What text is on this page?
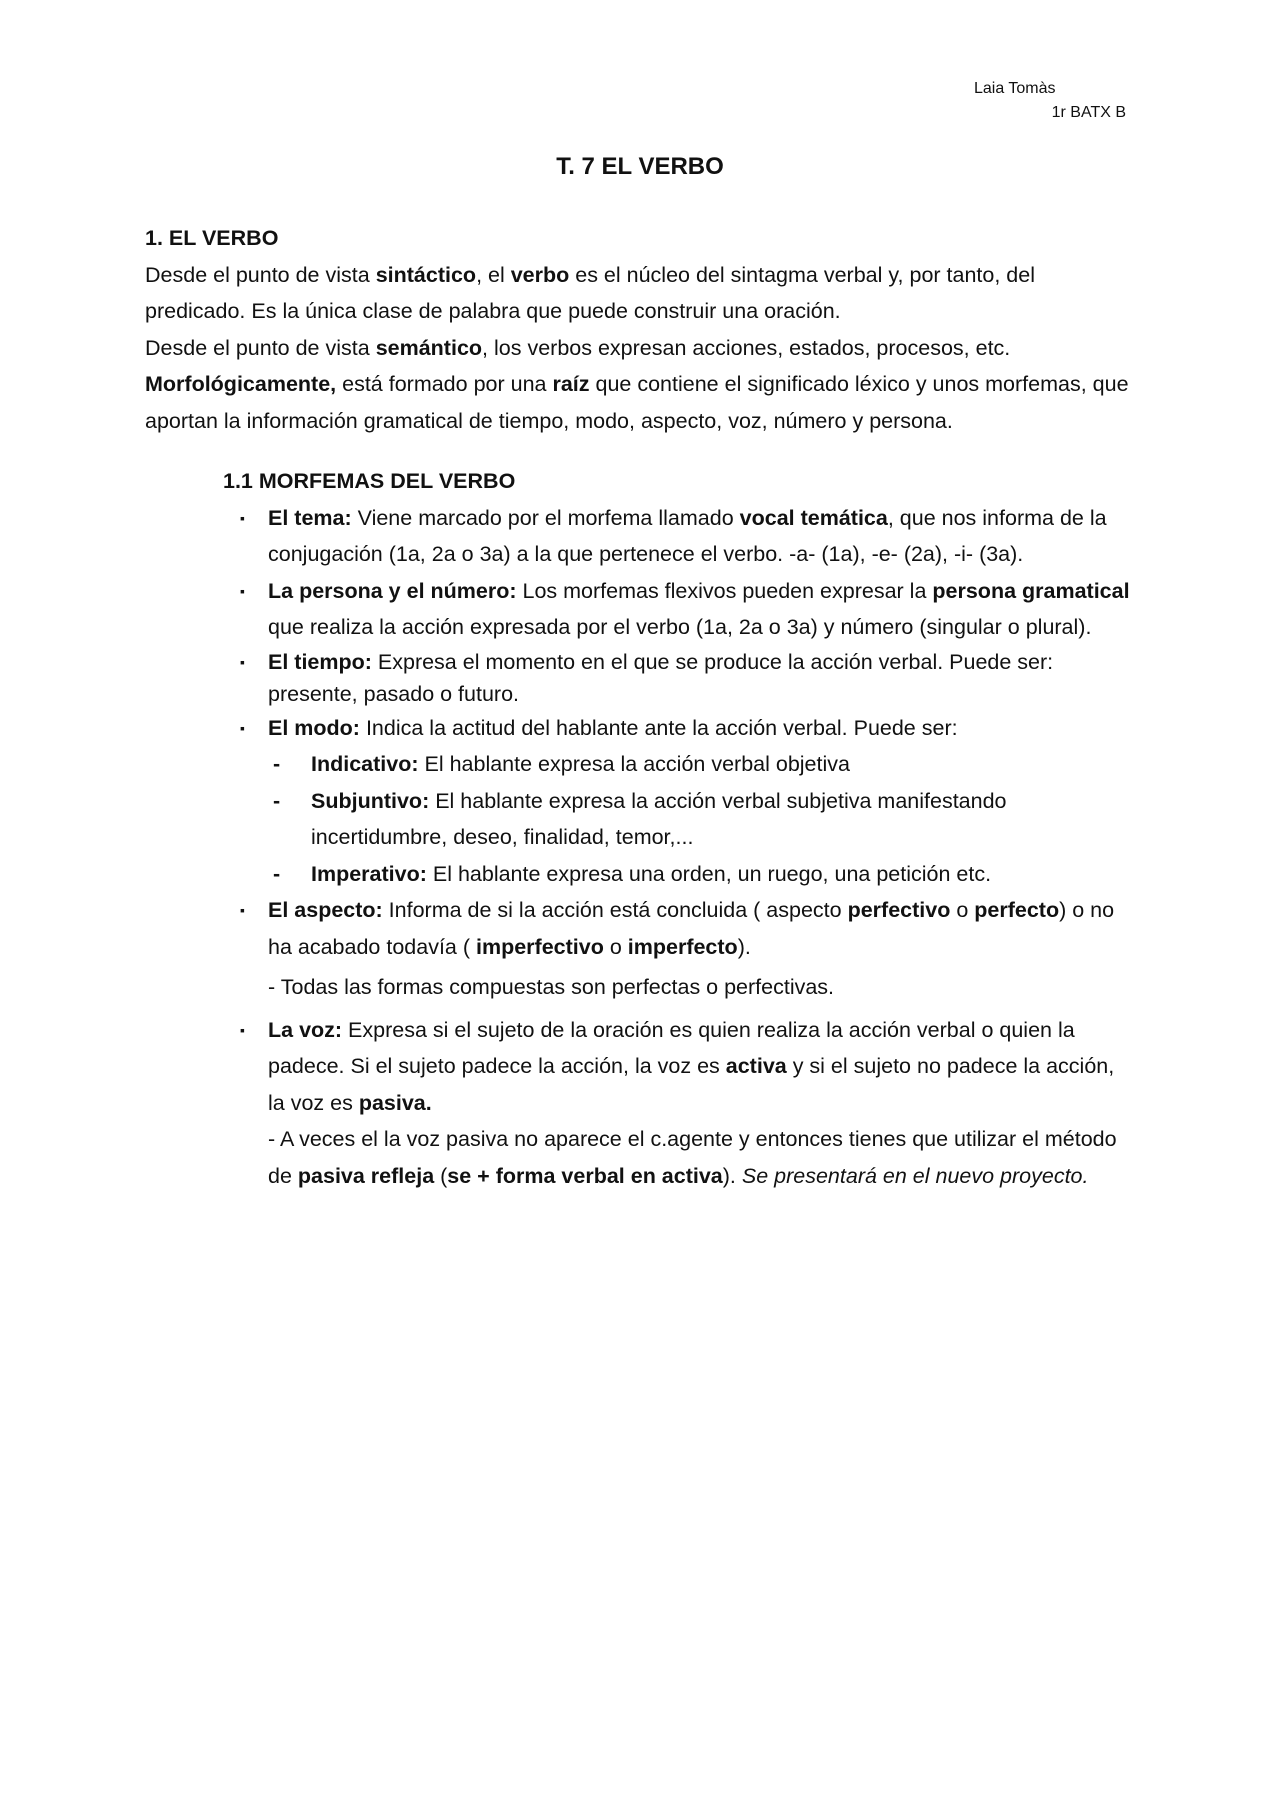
Laia Tomàs
1r BATX B
T. 7 EL VERBO

1. EL VERBO

Desde el punto de vista sintáctico, el verbo es el núcleo del sintagma verbal y, por tanto, del predicado. Es la única clase de palabra que puede construir una oración.

Desde el punto de vista semántico, los verbos expresan acciones, estados, procesos, etc.

Morfológicamente, está formado por una raíz que contiene el significado léxico y unos morfemas, que aportan la información gramatical de tiempo, modo, aspecto, voz, número y persona.

1.1 MORFEMAS DEL VERBO

▪ El tema: Viene marcado por el morfema llamado vocal temática, que nos informa de la conjugación (1a, 2a o 3a) a la que pertenece el verbo. -a- (1a), -e- (2a), -i- (3a).
▪ La persona y el número: Los morfemas flexivos pueden expresar la persona gramatical que realiza la acción expresada por el verbo (1a, 2a o 3a) y número (singular o plural).
▪ El tiempo: Expresa el momento en el que se produce la acción verbal. Puede ser: presente, pasado o futuro.
▪ El modo: Indica la actitud del hablante ante la acción verbal. Puede ser:
- Indicativo: El hablante expresa la acción verbal objetiva
- Subjuntivo: El hablante expresa la acción verbal subjetiva manifestando incertidumbre, deseo, finalidad, temor,...
- Imperativo: El hablante expresa una orden, un ruego, una petición etc.
▪ El aspecto: Informa de si la acción está concluida ( aspecto perfectivo o perfecto) o no ha acabado todavía ( imperfectivo o imperfecto).
- Todas las formas compuestas son perfectas o perfectivas.
▪ La voz: Expresa si el sujeto de la oración es quien realiza la acción verbal o quien la padece. Si el sujeto padece la acción, la voz es activa y si el sujeto no padece la acción, la voz es pasiva.
- A veces el la voz pasiva no aparece el c.agente y entonces tienes que utilizar el método de pasiva refleja (se + forma verbal en activa). Se presentará en el nuevo proyecto.
